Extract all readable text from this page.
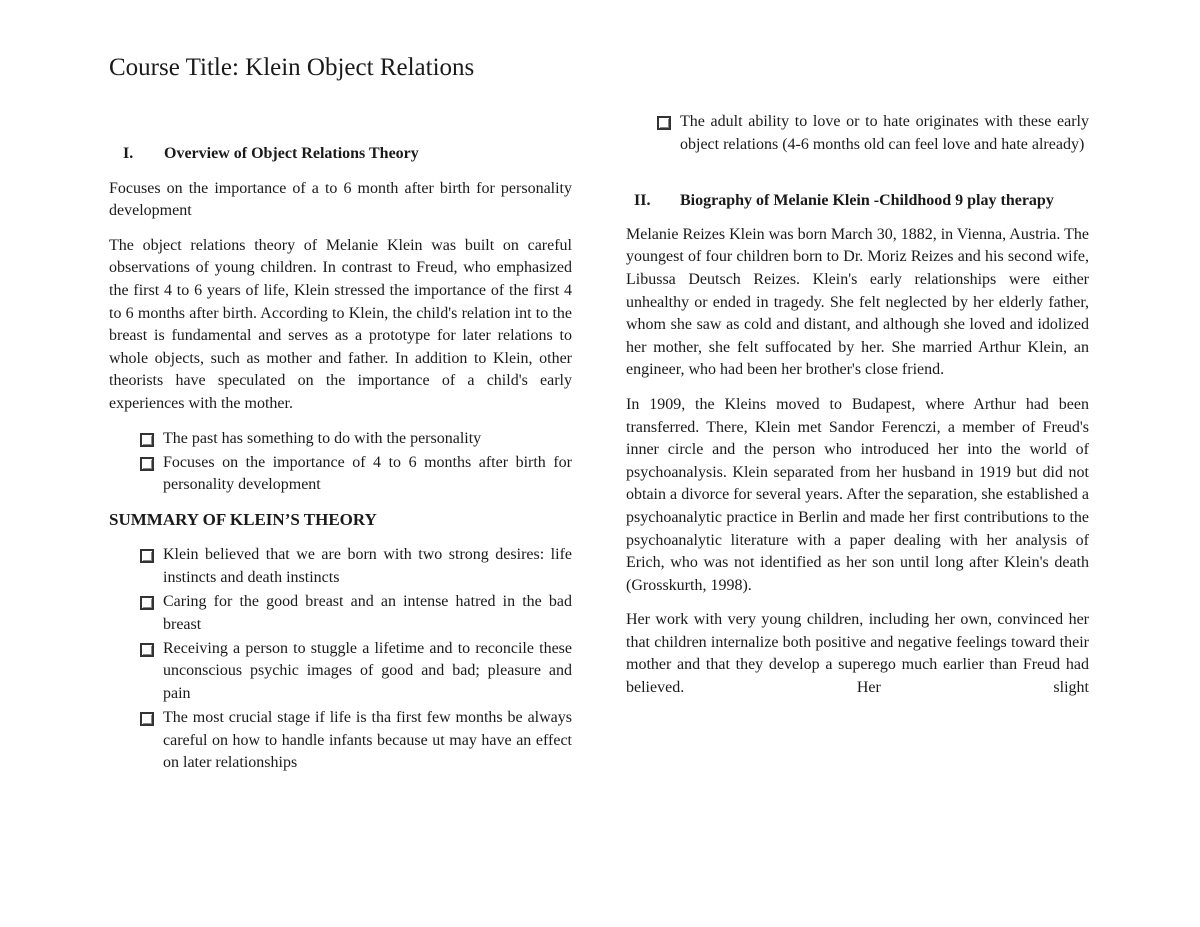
Course Title: Klein Object Relations
I.	Overview of Object Relations Theory

Focuses on the importance of a to 6 month after birth for personality development

The object relations theory of Melanie Klein was built on careful observations of young children. In contrast to Freud, who emphasized the first 4 to 6 years of life, Klein stressed the importance of the first 4 to 6 months after birth. According to Klein, the child's relation int to the breast is fundamental and serves as a prototype for later relations to whole objects, such as mother and father. In addition to Klein, other theorists have speculated on the importance of a child's early experiences with the mother.

The past has something to do with the personality
Focuses on the importance of 4 to 6 months after birth for personality development
SUMMARY OF KLEIN’S THEORY
Klein believed that we are born with two strong desires: life instincts and death instincts
Caring for the good breast and an intense hatred in the bad breast
Receiving a person to stuggle a lifetime and to reconcile these unconscious psychic images of good and bad; pleasure and pain
The most crucial stage if life is tha first few months be always careful on how to handle infants because ut may have an effect on later relationships
The adult ability to love or to hate originates with these early object relations (4-6 months old can feel love and hate already)
II.	Biography of Melanie Klein -Childhood 9 play therapy

Melanie Reizes Klein was born March 30, 1882, in Vienna, Austria. The youngest of four children born to Dr. Moriz Reizes and his second wife, Libussa Deutsch Reizes. Klein's early relationships were either unhealthy or ended in tragedy. She felt neglected by her elderly father, whom she saw as cold and distant, and although she loved and idolized her mother, she felt suffocated by her. She married Arthur Klein, an engineer, who had been her brother's close friend.

In 1909, the Kleins moved to Budapest, where Arthur had been transferred. There, Klein met Sandor Ferenczi, a member of Freud's inner circle and the person who introduced her into the world of psychoanalysis. Klein separated from her husband in 1919 but did not obtain a divorce for several years. After the separation, she established a psychoanalytic practice in Berlin and made her first contributions to the psychoanalytic literature with a paper dealing with her analysis of Erich, who was not identified as her son until long after Klein's death (Grosskurth, 1998).

Her work with very young children, including her own, convinced her that children internalize both positive and negative feelings toward their mother and that they develop a superego much earlier than Freud had believed. Her slight
